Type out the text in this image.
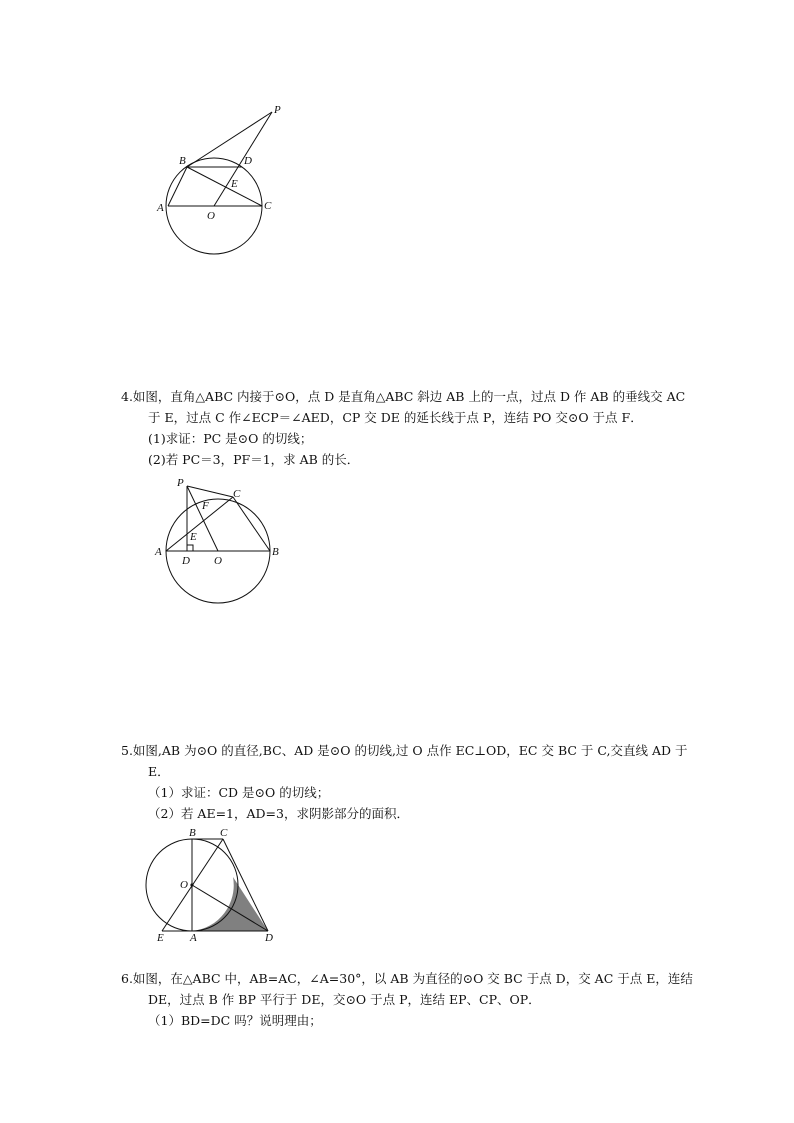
P
B	D
E
A
O
C
4.如图，直角△ABC 内接于⊙O，点 D 是直角△ABC 斜边 AB 上的一点，过点 D 作 AB 的垂线交 AC
于 E，过点 C 作∠ECP＝∠AED，CP 交 DE 的延长线于点 P，连结 PO 交⊙O 于点 F．
(1)求证：PC 是⊙O 的切线；
(2)若 PC＝3，PF＝1，求 AB 的长．
P
C
F
E
A
D O
B
5.如图,AB 为⊙O 的直径,BC、AD 是⊙O 的切线,过 O 点作 EC⊥OD，EC 交 BC 于 C,交直线 AD 于
E．
（1）求证：CD 是⊙O 的切线；
（2）若 AE=1，AD=3，求阴影部分的面积．
B C
O
E A	D
6.如图，在△ABC 中，AB=AC，∠A=30°，以 AB 为直径的⊙O 交 BC 于点 D，交 AC 于点 E，连结
DE，过点 B 作 BP 平行于 DE，交⊙O 于点 P，连结 EP、CP、OP．
（1）BD=DC 吗？说明理由；
